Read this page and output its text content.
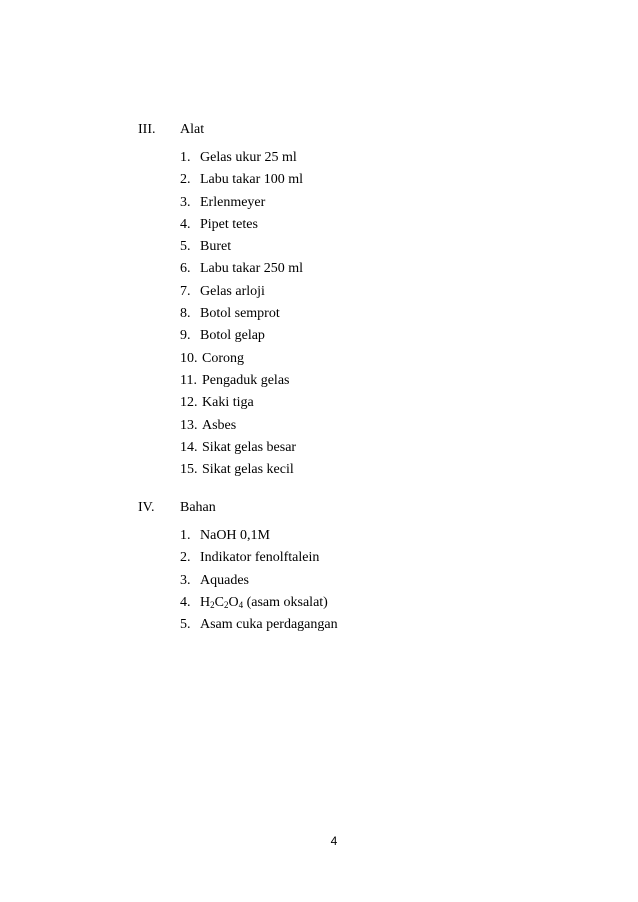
III.	Alat
1. Gelas ukur 25 ml
2. Labu takar 100 ml
3. Erlenmeyer
4. Pipet tetes
5. Buret
6. Labu takar 250 ml
7. Gelas arloji
8. Botol semprot
9. Botol gelap
10. Corong
11. Pengaduk gelas
12. Kaki tiga
13. Asbes
14. Sikat gelas besar
15. Sikat gelas kecil
IV.	Bahan
1. NaOH 0,1M
2. Indikator fenolftalein
3. Aquades
4. $H_2C_2O_4$ (asam oksalat)
5. Asam cuka perdagangan
4
